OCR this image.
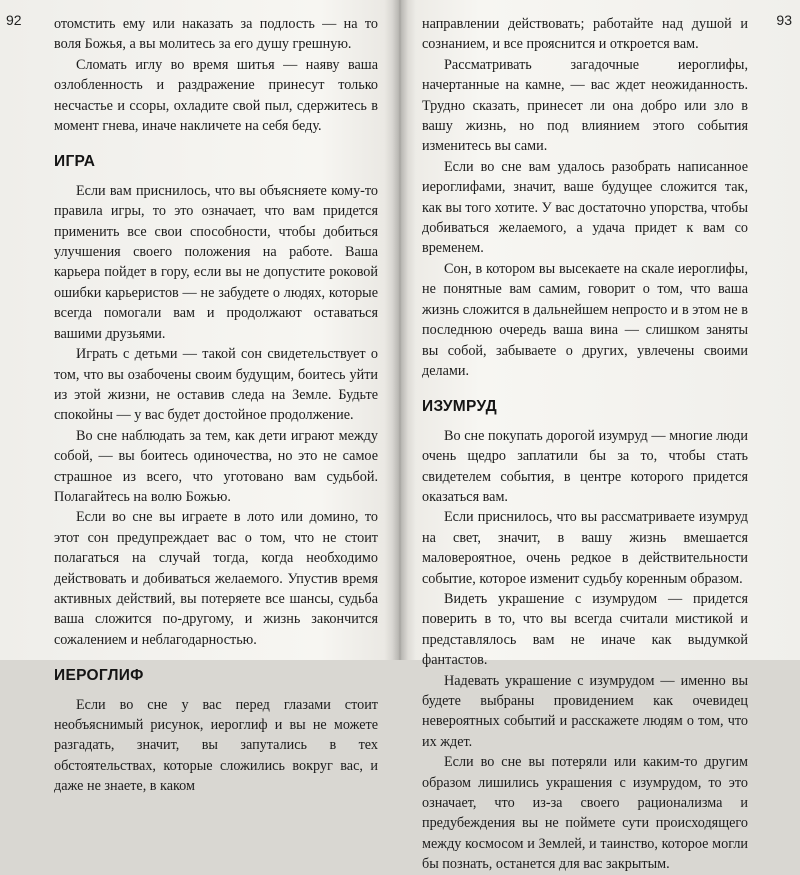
92 отомстить ему или наказать за подлость — на то воля Божья, а вы молитесь за его душу грешную.

Сломать иглу во время шитья — наяву ваша озлобленность и раздражение принесут только несчастье и ссоры, охладите свой пыл, сдержитесь в момент гнева, иначе накличете на себя беду.

ИГРА

Если вам приснилось, что вы объясняете кому-то правила игры, то это означает, что вам придется применить все свои способности, чтобы добиться улучшения своего положения на работе. Ваша карьера пойдет в гору, если вы не допустите роковой ошибки карьеристов — не забудете о людях, которые всегда помогали вам и продолжают оставаться вашими друзьями.

Играть с детьми — такой сон свидетельствует о том, что вы озабочены своим будущим, боитесь уйти из этой жизни, не оставив следа на Земле. Будьте спокойны — у вас будет достойное продолжение.

Во сне наблюдать за тем, как дети играют между собой, — вы боитесь одиночества, но это не самое страшное из всего, что уготовано вам судьбой. Полагайтесь на волю Божью.

Если во сне вы играете в лото или домино, то этот сон предупреждает вас о том, что не стоит полагаться на случай тогда, когда необходимо действовать и добиваться желаемого. Упустив время активных действий, вы потеряете все шансы, судьба ваша сложится по-другому, и жизнь закончится сожалением и неблагодарностью.

ИЕРОГЛИФ

Если во сне у вас перед глазами стоит необъяснимый рисунок, иероглиф и вы не можете разгадать, значит, вы запутались в тех обстоятельствах, которые сложились вокруг вас, и даже не знаете, в каком

93

направлении действовать; работайте над душой и сознанием, и все прояснится и откроется вам.

Рассматривать загадочные иероглифы, начертанные на камне, — вас ждет неожиданность. Трудно сказать, принесет ли она добро или зло в вашу жизнь, но под влиянием этого события изменитесь вы сами.

Если во сне вам удалось разобрать написанное иероглифами, значит, ваше будущее сложится так, как вы того хотите. У вас достаточно упорства, чтобы добиваться желаемого, а удача придет к вам со временем.

Сон, в котором вы высекаете на скале иероглифы, не понятные вам самим, говорит о том, что ваша жизнь сложится в дальнейшем непросто и в этом не в последнюю очередь ваша вина — слишком заняты вы собой, забываете о других, увлечены своими делами.

ИЗУМРУД

Во сне покупать дорогой изумруд — многие люди очень щедро заплатили бы за то, чтобы стать свидетелем события, в центре которого придется оказаться вам.

Если приснилось, что вы рассматриваете изумруд на свет, значит, в вашу жизнь вмешается маловероятное, очень редкое в действительности событие, которое изменит судьбу коренным образом.

Видеть украшение с изумрудом — придется поверить в то, что вы всегда считали мистикой и представлялось вам не иначе как выдумкой фантастов.

Надевать украшение с изумрудом — именно вы будете выбраны провидением как очевидец невероятных событий и расскажете людям о том, что их ждет.

Если во сне вы потеряли или каким-то другим образом лишились украшения с изумрудом, то это означает, что из-за своего рационализма и предубеждения вы не поймете сути происходящего между космосом и Землей, и таинство, которое могли бы познать, останется для вас закрытым.
